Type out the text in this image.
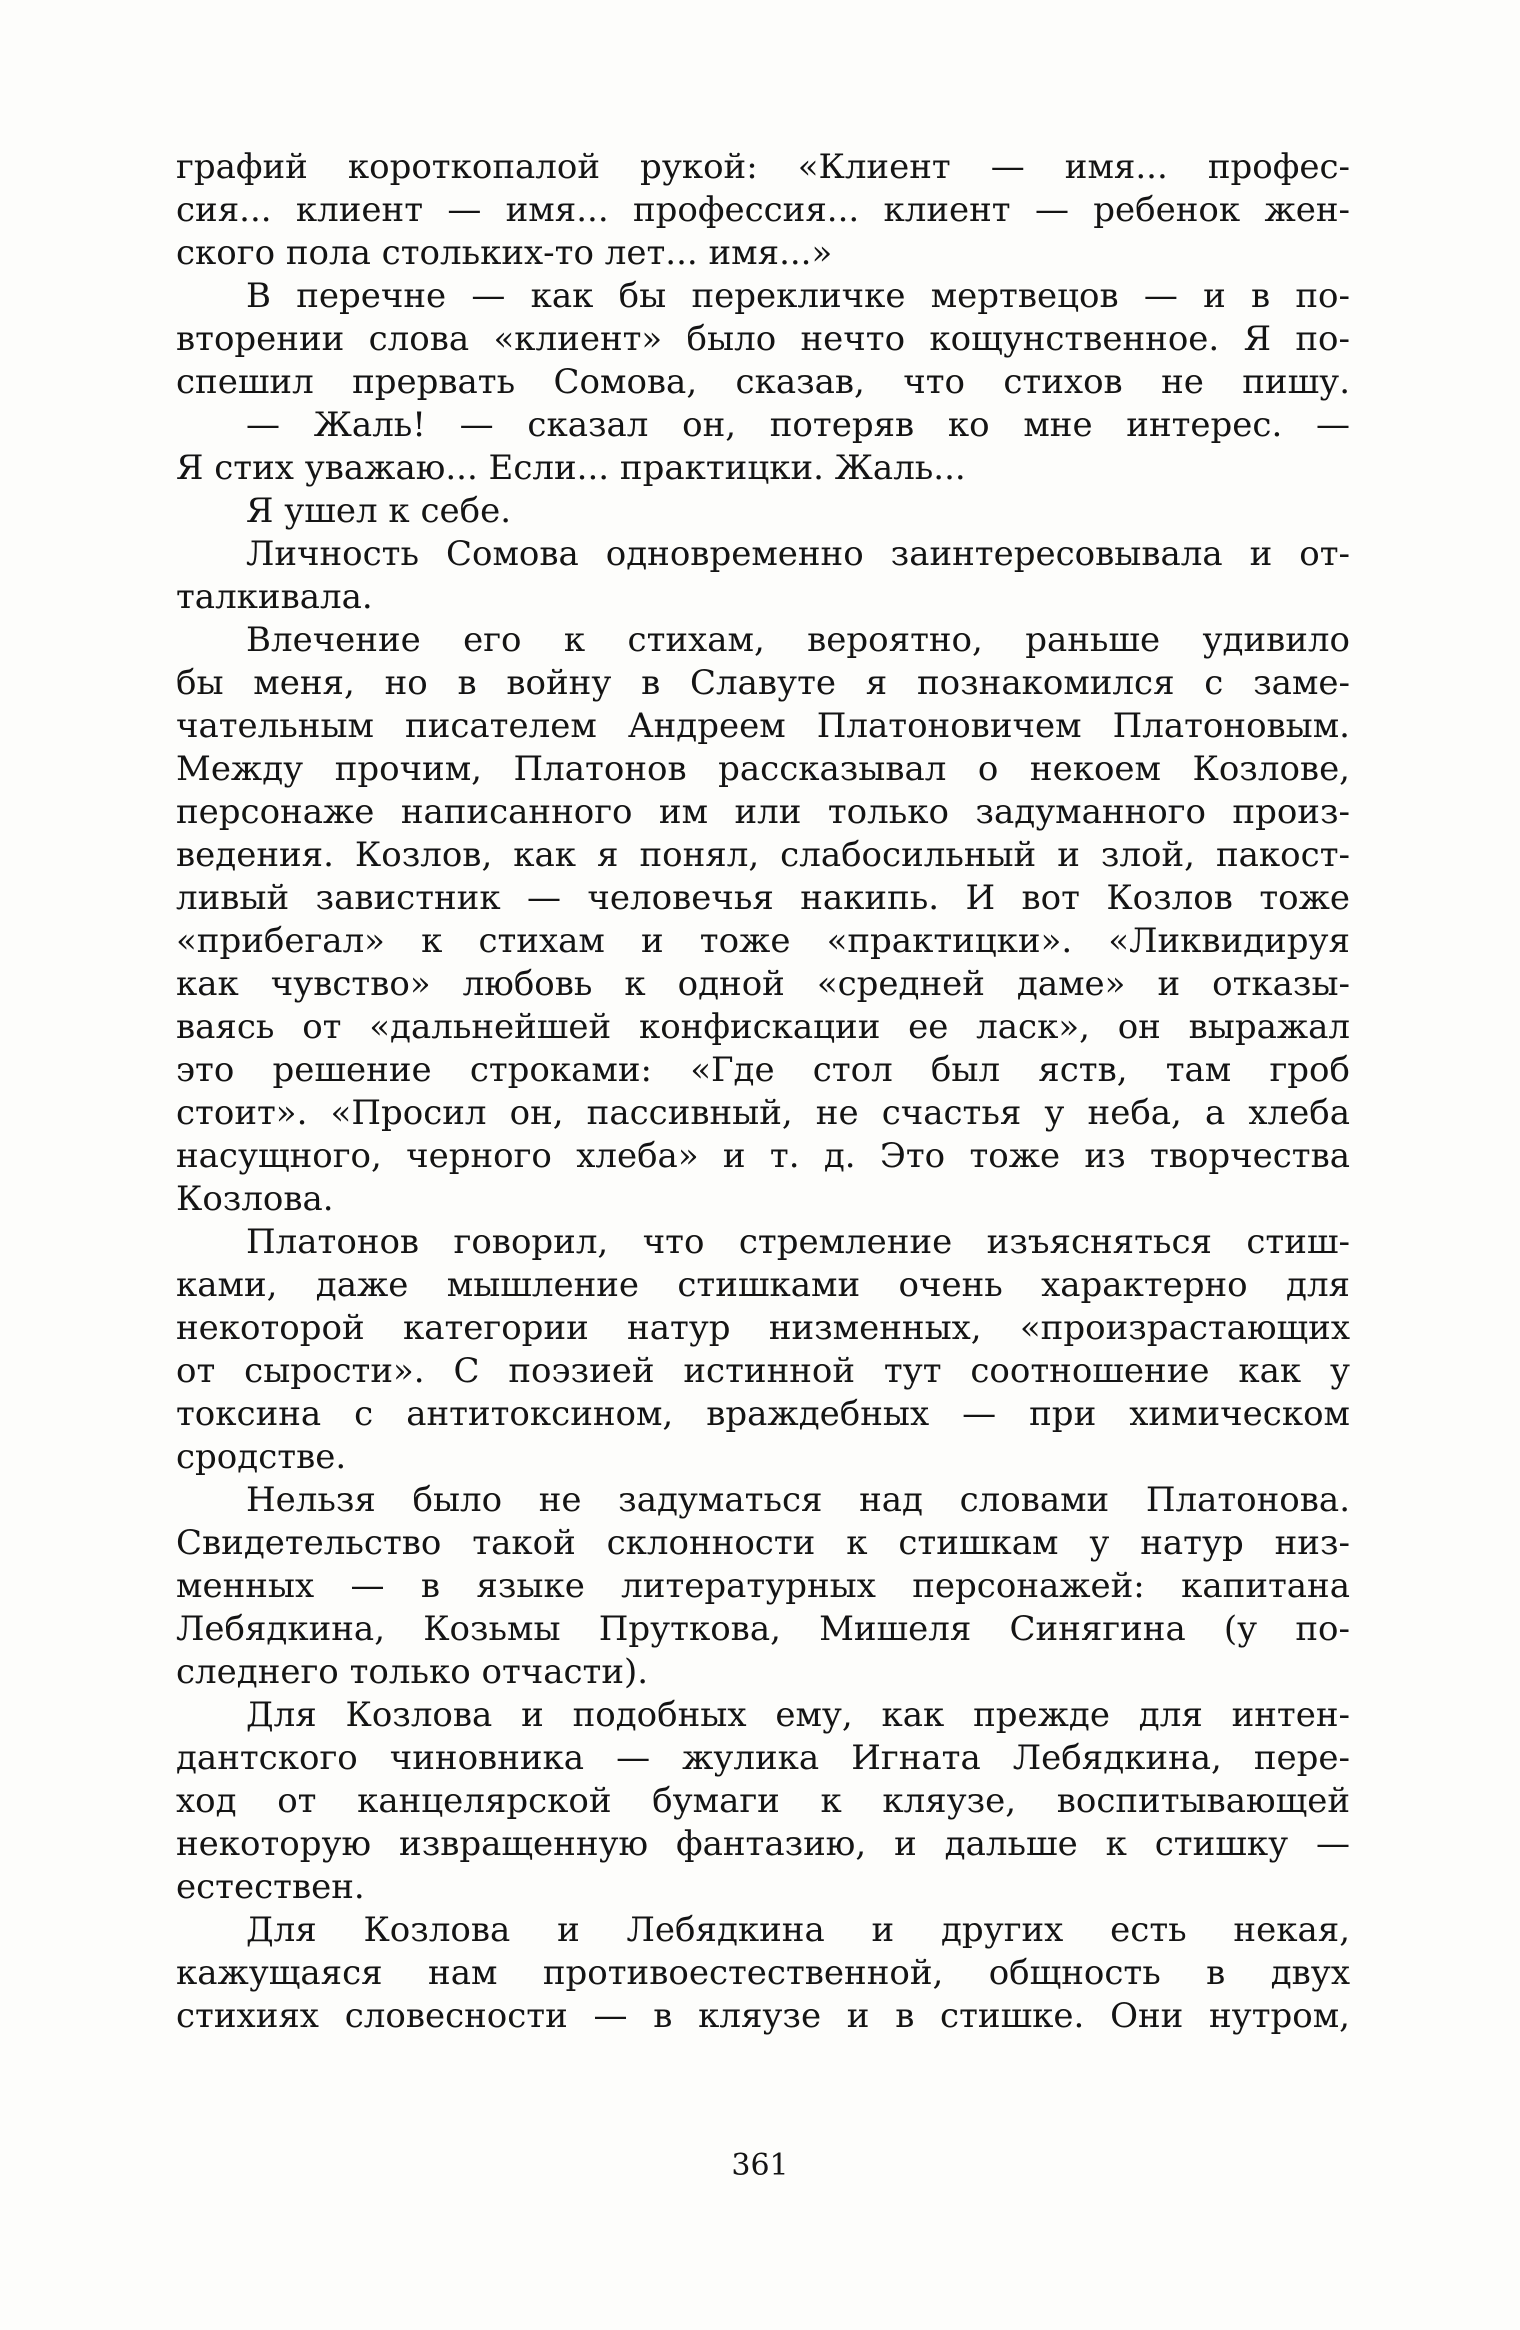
графий короткопалой рукой: «Клиент — имя... профес-
сия... клиент — имя... профессия... клиент — ребенок жен-
ского пола стольких-то лет... имя...»
В перечне — как бы перекличке мертвецов — и в по-
вторении слова «клиент» было нечто кощунственное. Я по-
спешил прервать Сомова, сказав, что стихов не пишу.
— Жаль! — сказал он, потеряв ко мне интерес. —
Я стих уважаю... Если... практицки. Жаль...
Я ушел к себе.
Личность Сомова одновременно заинтересовывала и от-
талкивала.
Влечение его к стихам, вероятно, раньше удивило
бы меня, но в войну в Славуте я познакомился с заме-
чательным писателем Андреем Платоновичем Платоновым.
Между прочим, Платонов рассказывал о некоем Козлове,
персонаже написанного им или только задуманного произ-
ведения. Козлов, как я понял, слабосильный и злой, пакост-
ливый завистник — человечья накипь. И вот Козлов тоже
«прибегал» к стихам и тоже «практицки». «Ликвидируя
как чувство» любовь к одной «средней даме» и отказы-
ваясь от «дальнейшей конфискации ее ласк», он выражал
это решение строками: «Где стол был яств, там гроб
стоит». «Просил он, пассивный, не счастья у неба, а хлеба
насущного, черного хлеба» и т. д. Это тоже из творчества
Козлова.
Платонов говорил, что стремление изъясняться стиш-
ками, даже мышление стишками очень характерно для
некоторой категории натур низменных, «произрастающих
от сырости». С поэзией истинной тут соотношение как у
токсина с антитоксином, враждебных — при химическом
сродстве.
Нельзя было не задуматься над словами Платонова.
Свидетельство такой склонности к стишкам у натур низ-
менных — в языке литературных персонажей: капитана
Лебядкина, Козьмы Пруткова, Мишеля Синягина (у по-
следнего только отчасти).
Для Козлова и подобных ему, как прежде для интен-
дантского чиновника — жулика Игната Лебядкина, пере-
ход от канцелярской бумаги к кляузе, воспитывающей
некоторую извращенную фантазию, и дальше к стишку —
естествен.
Для Козлова и Лебядкина и других есть некая,
кажущаяся нам противоестественной, общность в двух
стихиях словесности — в кляузе и в стишке. Они нутром,
361
